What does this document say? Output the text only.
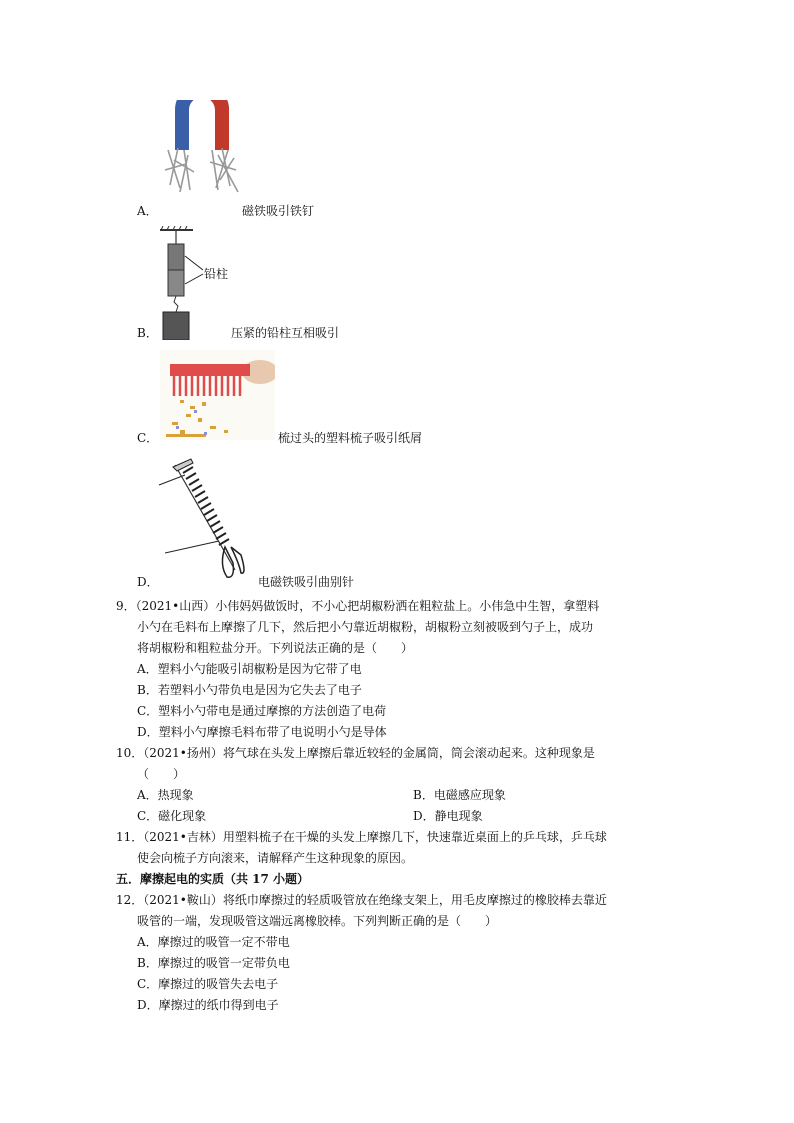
A．	磁铁吸引铁钉
铅柱
B．	压紧的铅柱互相吸引
C．	梳过头的塑料梳子吸引纸屑
D．	电磁铁吸引曲别针
9．（2021•山西）小伟妈妈做饭时，不小心把胡椒粉洒在粗粒盐上。小伟急中生智，拿塑料
小勺在毛料布上摩擦了几下，然后把小勺靠近胡椒粉，胡椒粉立刻被吸到勺子上，成功
将胡椒粉和粗粒盐分开。下列说法正确的是（　　）
A．塑料小勺能吸引胡椒粉是因为它带了电
B．若塑料小勺带负电是因为它失去了电子
C．塑料小勺带电是通过摩擦的方法创造了电荷
D．塑料小勺摩擦毛料布带了电说明小勺是导体
10．（2021•扬州）将气球在头发上摩擦后靠近较轻的金属筒，筒会滚动起来。这种现象是
（　　）
A．热现象	B．电磁感应现象
C．磁化现象	D．静电现象
11．（2021•吉林）用塑料梳子在干燥的头发上摩擦几下，快速靠近桌面上的乒乓球，乒乓球
使会向梳子方向滚来，请解释产生这种现象的原因。
五．摩擦起电的实质（共 17 小题）
12．（2021•鞍山）将纸巾摩擦过的轻质吸管放在绝缘支架上，用毛皮摩擦过的橡胶棒去靠近
吸管的一端，发现吸管这端远离橡胶棒。下列判断正确的是（　　）
A．摩擦过的吸管一定不带电
B．摩擦过的吸管一定带负电
C．摩擦过的吸管失去电子
D．摩擦过的纸巾得到电子
